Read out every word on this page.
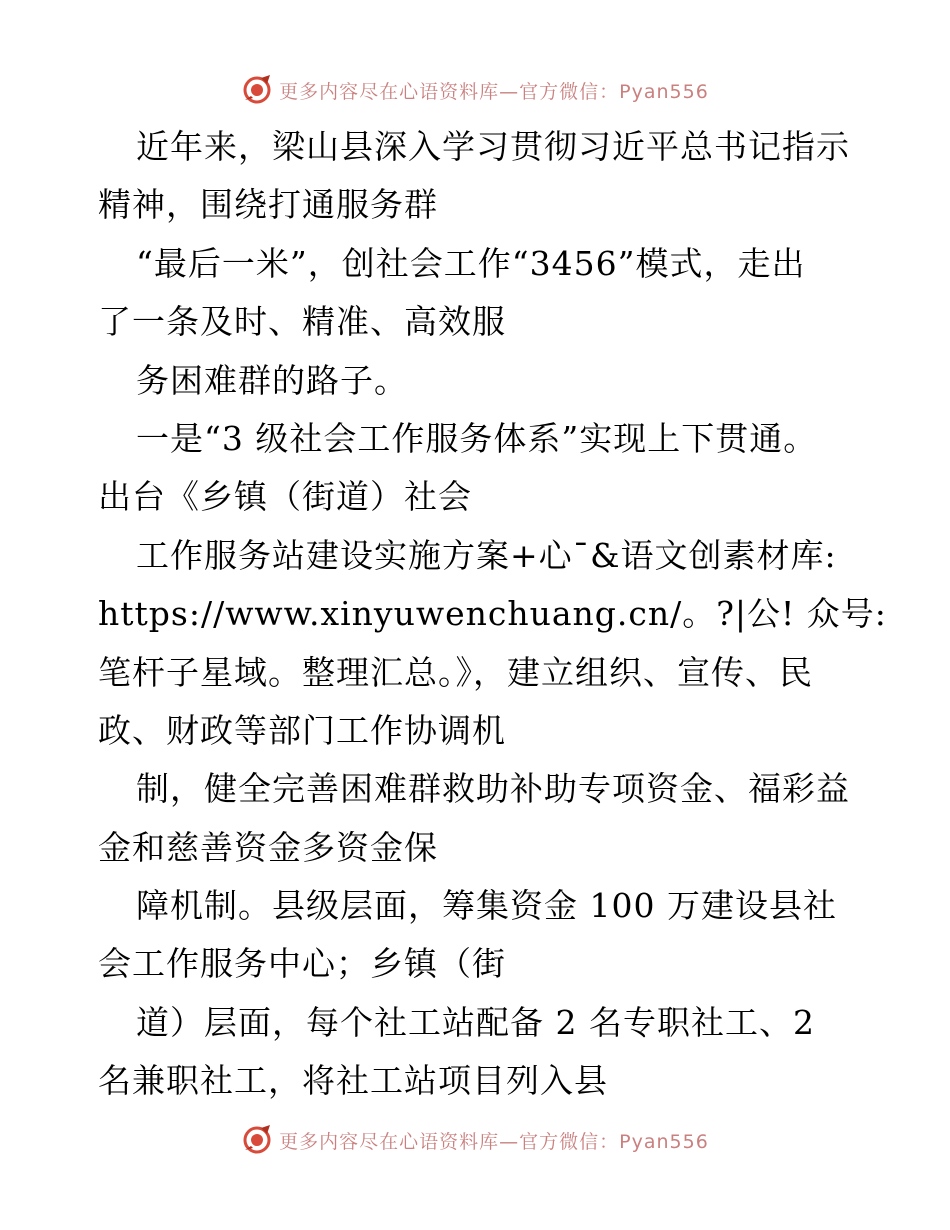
更多内容尽在心语资料库—官方微信：Pyan556
近年来，梁山县深入学习贯彻习近平总书记指示
精神，围绕打通服务群
“最后一米”，创社会工作“3456”模式，走出
了一条及时、精准、高效服
务困难群的路子。
一是“3 级社会工作服务体系”实现上下贯通。
出台《乡镇（街道）社会
工作服务站建设实施方案+心¯&语文创素材库:
https://www.xinyuwenchuang.cn/。?|公! 众号:
笔杆子星域。整理汇总。》，建立组织、宣传、民
政、财政等部门工作协调机
制，健全完善困难群救助补助专项资金、福彩益
金和慈善资金多资金保
障机制。县级层面，筹集资金 100 万建设县社
会工作服务中心；乡镇（街
道）层面，每个社工站配备 2 名专职社工、2
名兼职社工，将社工站项目列入县
更多内容尽在心语资料库—官方微信：Pyan556
